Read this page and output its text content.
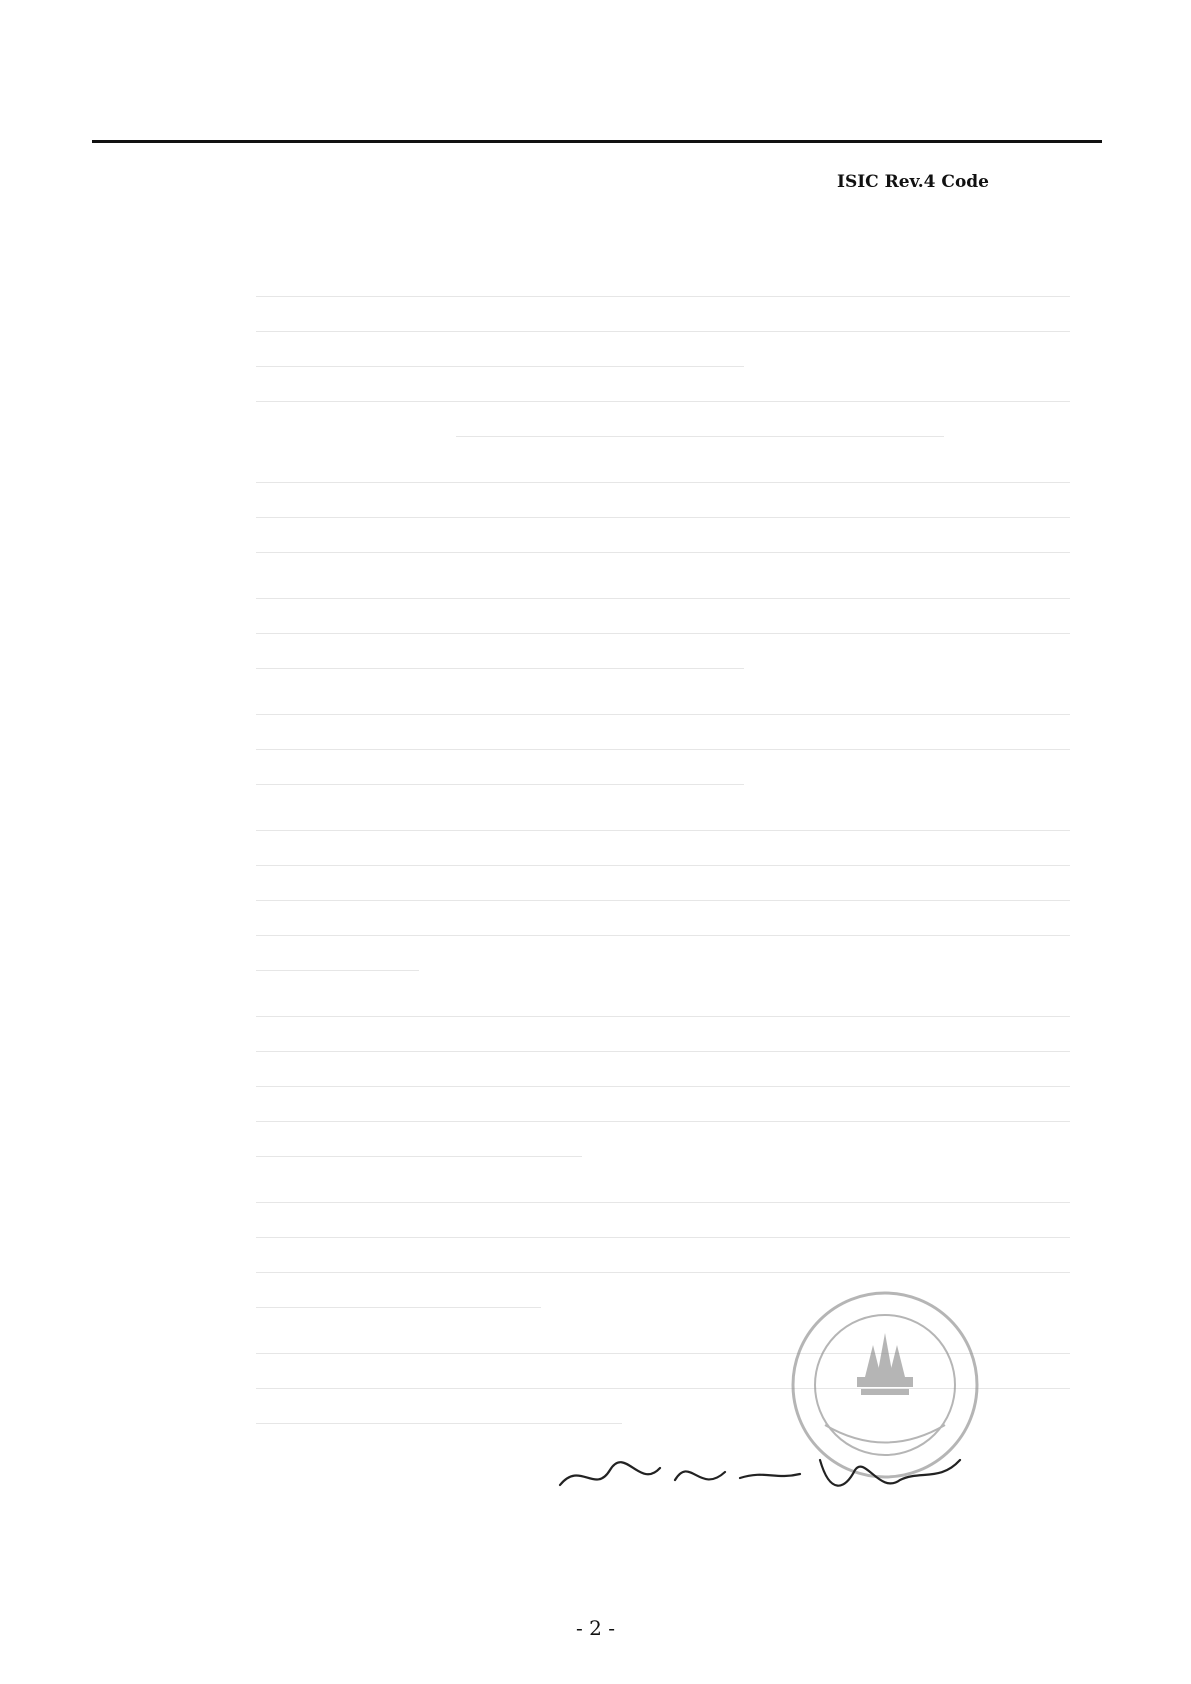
ISIC Rev.4 Code
- 2 -
